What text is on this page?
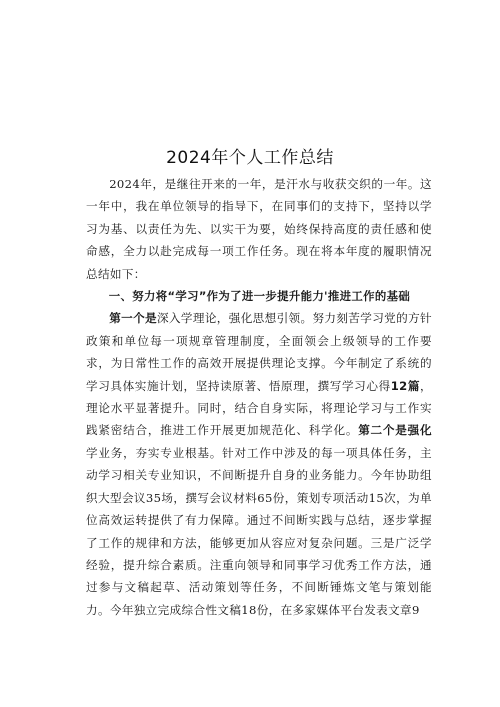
2024年个人工作总结

2024年，是继往开来的一年，是汗水与收获交织的一年。这一年中，我在单位领导的指导下，在同事们的支持下，坚持以学习为基、以责任为先、以实干为要，始终保持高度的责任感和使命感，全力以赴完成每一项工作任务。现在将本年度的履职情况总结如下：

一、努力将“学习”作为了进一步提升能力'推进工作的基础

第一个是深入学理论，强化思想引领。努力刻苦学习党的方针政策和单位每一项规章管理制度，全面领会上级领导的工作要求，为日常性工作的高效开展提供理论支撑。今年制定了系统的学习具体实施计划，坚持读原著、悟原理，撰写学习心得12篇，理论水平显著提升。同时，结合自身实际，将理论学习与工作实践紧密结合，推进工作开展更加规范化、科学化。第二个是强化学业务，夯实专业根基。针对工作中涉及的每一项具体任务，主动学习相关专业知识，不间断提升自身的业务能力。今年协助组织大型会议35场，撰写会议材料65份，策划专项活动15次，为单位高效运转提供了有力保障。通过不间断实践与总结，逐步掌握了工作的规律和方法，能够更加从容应对复杂问题。三是广泛学经验，提升综合素质。注重向领导和同事学习优秀工作方法，通过参与文稿起草、活动策划等任务，不间断锤炼文笔与策划能力。今年独立完成综合性文稿18份，在多家媒体平台发表文章9
